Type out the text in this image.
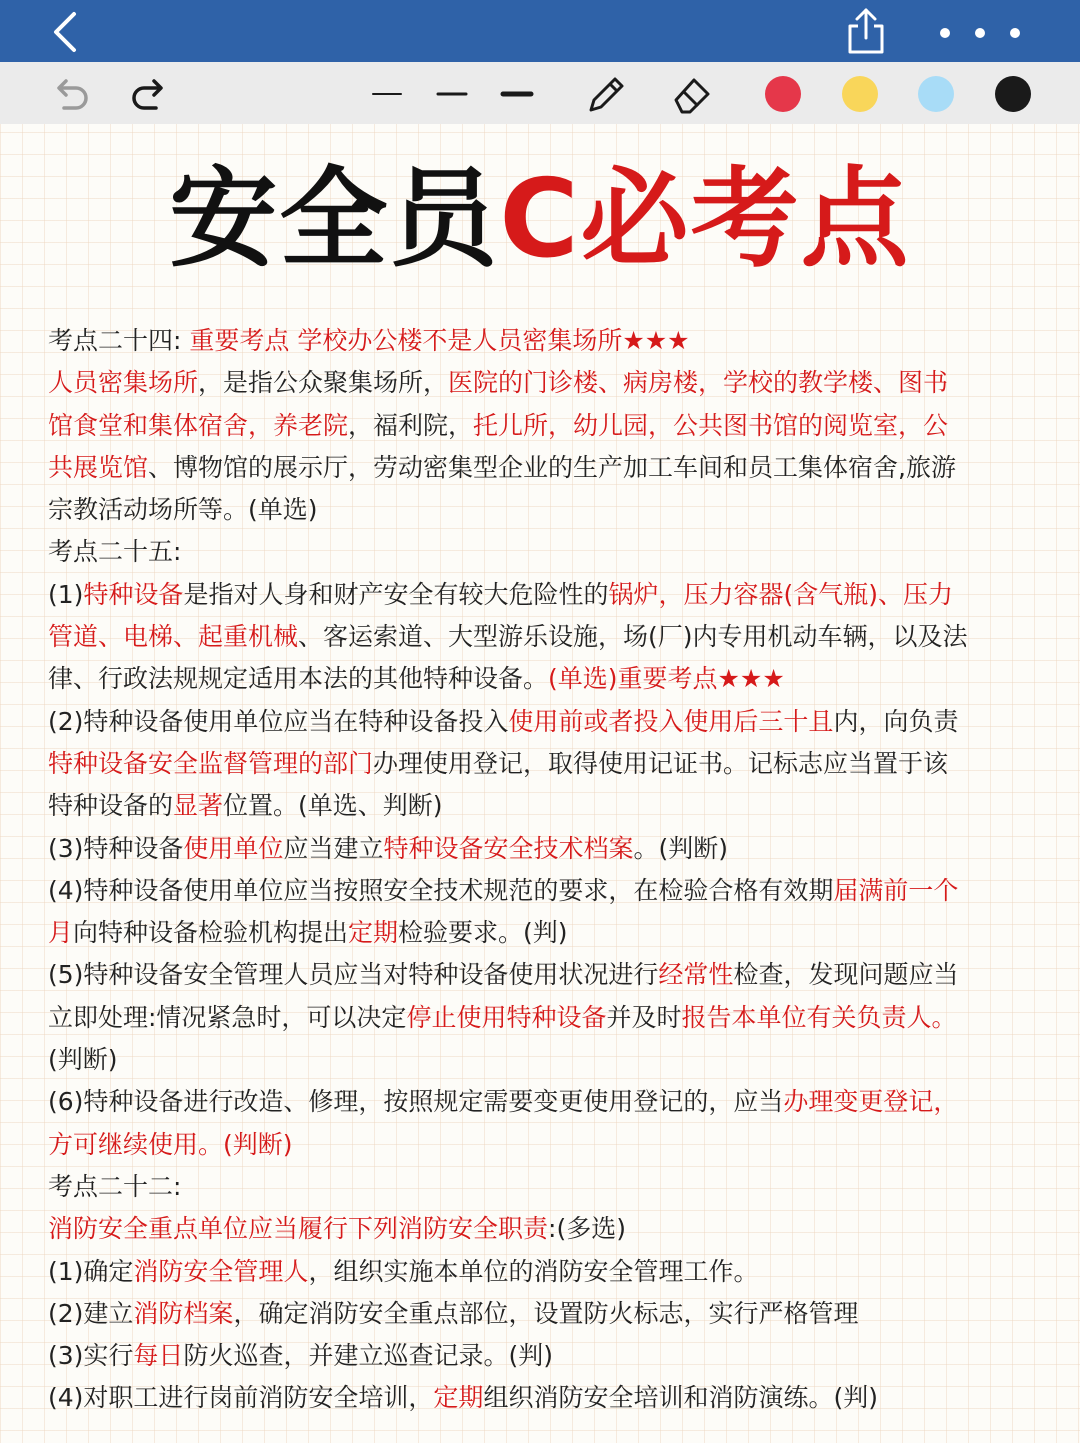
安全员C必考点

考点二十四: 重要考点 学校办公楼不是人员密集场所★★★

人员密集场所，是指公众聚集场所，医院的门诊楼、病房楼，学校的教学楼、图书

馆食堂和集体宿舍，养老院，福利院，托儿所，幼儿园，公共图书馆的阅览室，公

共展览馆、博物馆的展示厅，劳动密集型企业的生产加工车间和员工集体宿舍,旅游

宗教活动场所等。(单选)

考点二十五:

(1)特种设备是指对人身和财产安全有较大危险性的锅炉，压力容器(含气瓶)、压力

管道、电梯、起重机械、客运索道、大型游乐设施，场(厂)内专用机动车辆，以及法

律、行政法规规定适用本法的其他特种设备。(单选)重要考点★★★

(2)特种设备使用单位应当在特种设备投入使用前或者投入使用后三十且内，向负责

特种设备安全监督管理的部门办理使用登记，取得使用记证书。记标志应当置于该

特种设备的显著位置。(单选、判断)

(3)特种设备使用单位应当建立特种设备安全技术档案。(判断)

(4)特种设备使用单位应当按照安全技术规范的要求，在检验合格有效期届满前一个

月向特种设备检验机构提出定期检验要求。(判)

(5)特种设备安全管理人员应当对特种设备使用状况进行经常性检查，发现问题应当

立即处理:情况紧急时，可以决定停止使用特种设备并及时报告本单位有关负责人。

(判断)

(6)特种设备进行改造、修理，按照规定需要变更使用登记的，应当办理变更登记，

方可继续使用。(判断)

考点二十二:

消防安全重点单位应当履行下列消防安全职责:(多选)

(1)确定消防安全管理人，组织实施本单位的消防安全管理工作。

(2)建立消防档案，确定消防安全重点部位，设置防火标志，实行严格管理

(3)实行每日防火巡查，并建立巡查记录。(判)

(4)对职工进行岗前消防安全培训，定期组织消防安全培训和消防演练。(判)
